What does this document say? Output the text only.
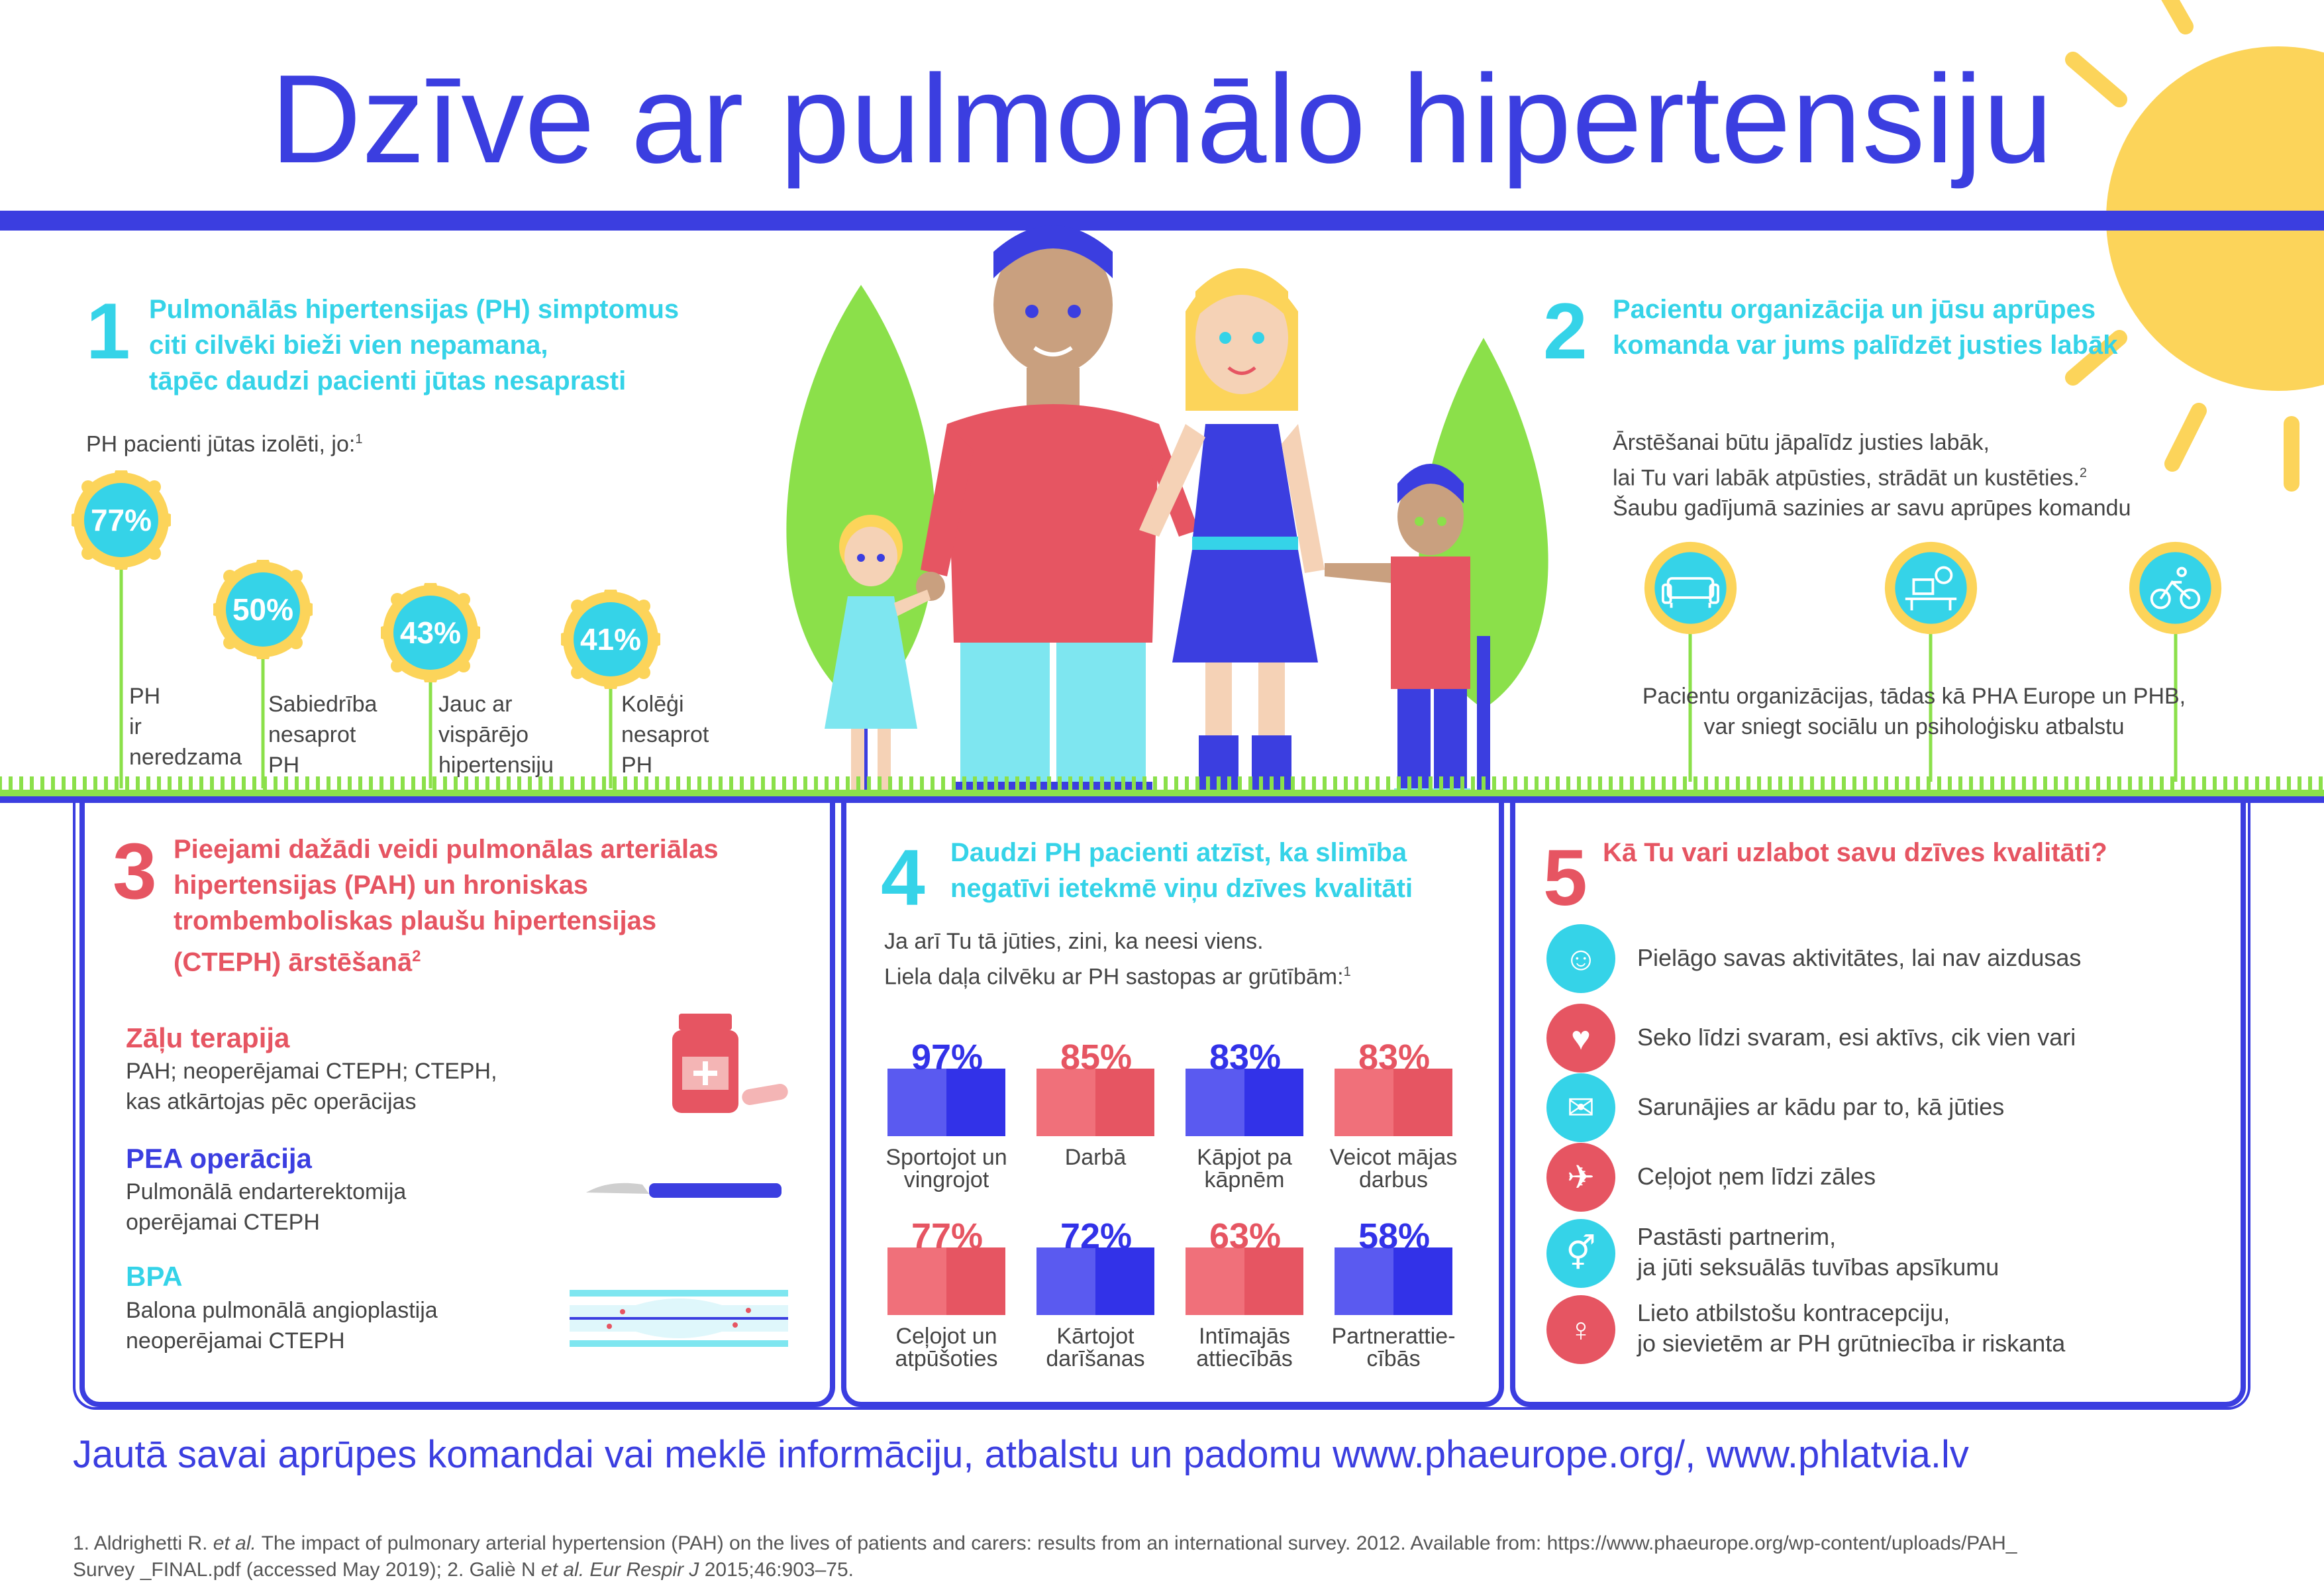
Dzīve ar pulmonālo hipertensiju
1 Pulmonālās hipertensijas (PH) simptomus
citi cilvēki bieži vien nepamana,
tāpēc daudzi pacienti jūtas nesaprasti
PH pacienti jūtas izolēti, jo:$^1$
77%
PH
ir
neredzama
50%
Sabiedrība
nesaprot
PH
43%
Jauc ar
vispārējo
hipertensiju
41%
Kolēģi
nesaprot
PH
2 Pacientu organizācija un jūsu aprūpes
komanda var jums palīdzēt justies labāk
Ārstēšanai būtu jāpalīdz justies labāk,
lai Tu vari labāk atpūsties, strādāt un kustēties.$^2$
Šaubu gadījumā sazinies ar savu aprūpes komandu
Pacientu organizācijas, tādas kā PHA Europe un PHB,
var sniegt sociālu un psiholoģisku atbalstu
3 Pieejami dažādi veidi pulmonālas arteriālas
hipertensijas (PAH) un hroniskas
trombemboliskas plaušu hipertensijas
(CTEPH) ārstēšanā$^2$
Zāļu terapija
PAH; neoperējamai CTEPH; CTEPH,
kas atkārtojas pēc operācijas
PEA operācija
Pulmonālā endarterektomija
operējamai CTEPH
BPA
Balona pulmonālā angioplastija
neoperējamai CTEPH
4 Daudzi PH pacienti atzīst, ka slimība
negatīvi ietekmē viņu dzīves kvalitāti
Ja arī Tu tā jūties, zini, ka neesi viens.
Liela daļa cilvēku ar PH sastopas ar grūtībām:$^1$
97%
Sportojot un
vingrojot
85%
Darbā
83%
Kāpjot pa
kāpnēm
83%
Veicot mājas
darbus
77%
Ceļojot un
atpūšoties
72%
Kārtojot
darīšanas
63%
Intīmajās
attiecībās
58%
Partnerattie-
cībās
5 Kā Tu vari uzlabot savu dzīves kvalitāti?
☺	Pielāgo savas aktivitātes, lai nav aizdusas
♥	Seko līdzi svaram, esi aktīvs, cik vien vari
✉	Sarunājies ar kādu par to, kā jūties
✈	Ceļojot ņem līdzi zāles
⚥	Pastāsti partnerim,
ja jūti seksuālās tuvības apsīkumu
♀	Lieto atbilstošu kontracepciju,
jo sievietēm ar PH grūtniecība ir riskanta
Jautā savai aprūpes komandai vai meklē informāciju, atbalstu un padomu www.phaeurope.org/, www.phlatvia.lv
1. Aldrighetti R. et al. The impact of pulmonary arterial hypertension (PAH) on the lives of patients and carers: results from an international survey. 2012. Available from: https://www.phaeurope.org/wp-content/uploads/PAH_
Survey _FINAL.pdf (accessed May 2019); 2. Galiè N et al. Eur Respir J 2015;46:903–75.
